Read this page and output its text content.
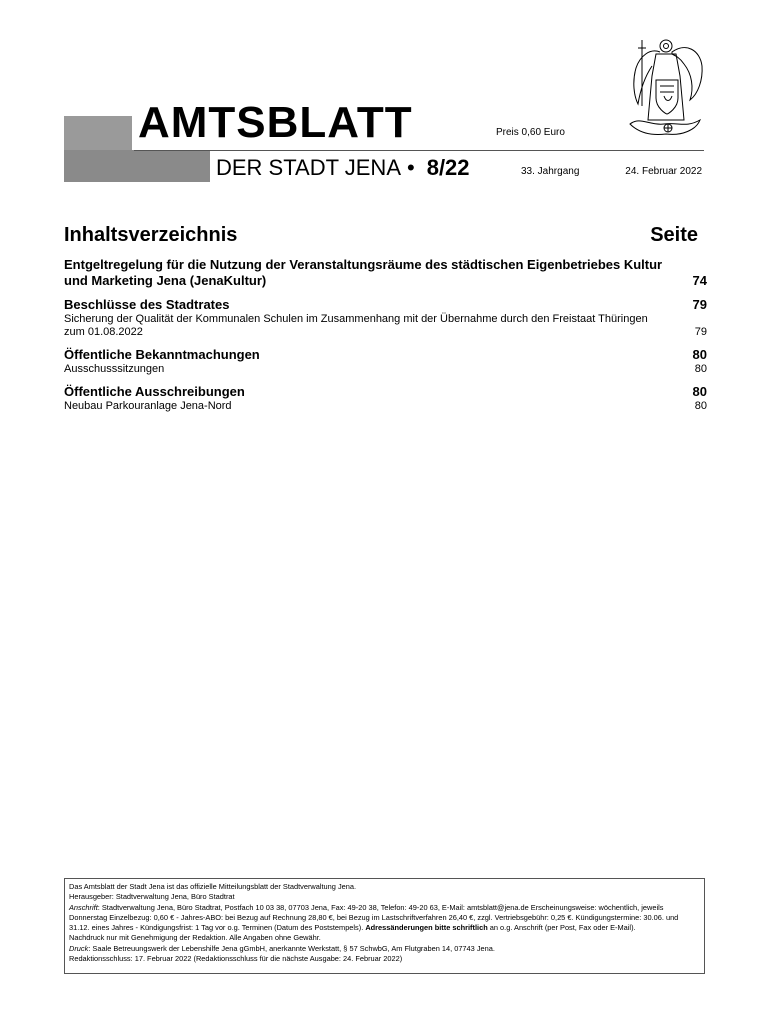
AMTSBLATT
DER STADT JENA • 8/22
Preis 0,60 Euro
33. Jahrgang	24. Februar 2022
Inhaltsverzeichnis	Seite
Entgeltregelung für die Nutzung der Veranstaltungsräume des städtischen Eigenbetriebes Kultur und Marketing Jena (JenaKultur)	74
Beschlüsse des Stadtrates	79
Sicherung der Qualität der Kommunalen Schulen im Zusammenhang mit der Übernahme durch den Freistaat Thüringen zum 01.08.2022	79
Öffentliche Bekanntmachungen	80
Ausschusssitzungen	80
Öffentliche Ausschreibungen	80
Neubau Parkouranlage Jena-Nord	80

Das Amtsblatt der Stadt Jena ist das offizielle Mitteilungsblatt der Stadtverwaltung Jena.

Herausgeber: Stadtverwaltung Jena, Büro Stadtrat

Anschrift: Stadtverwaltung Jena, Büro Stadtrat, Postfach 10 03 38, 07703 Jena, Fax: 49-20 38, Telefon: 49-20 63, E-Mail: amtsblatt@jena.de Erscheinungsweise: wöchentlich, jeweils Donnerstag Einzelbezug: 0,60 € - Jahres-ABO: bei Bezug auf Rechnung 28,80 €, bei Bezug im Lastschriftverfahren 26,40 €, zzgl. Vertriebsgebühr: 0,25 €. Kündigungstermine: 30.06. und 31.12. eines Jahres - Kündigungsfrist: 1 Tag vor o.g. Terminen (Datum des Poststempels). Adressänderungen bitte schriftlich an o.g. Anschrift (per Post, Fax oder E-Mail).

Nachdruck nur mit Genehmigung der Redaktion. Alle Angaben ohne Gewähr.

Druck: Saale Betreuungswerk der Lebenshilfe Jena gGmbH, anerkannte Werkstatt, § 57 SchwbG, Am Flutgraben 14, 07743 Jena.

Redaktionsschluss: 17. Februar 2022 (Redaktionsschluss für die nächste Ausgabe: 24. Februar 2022)
